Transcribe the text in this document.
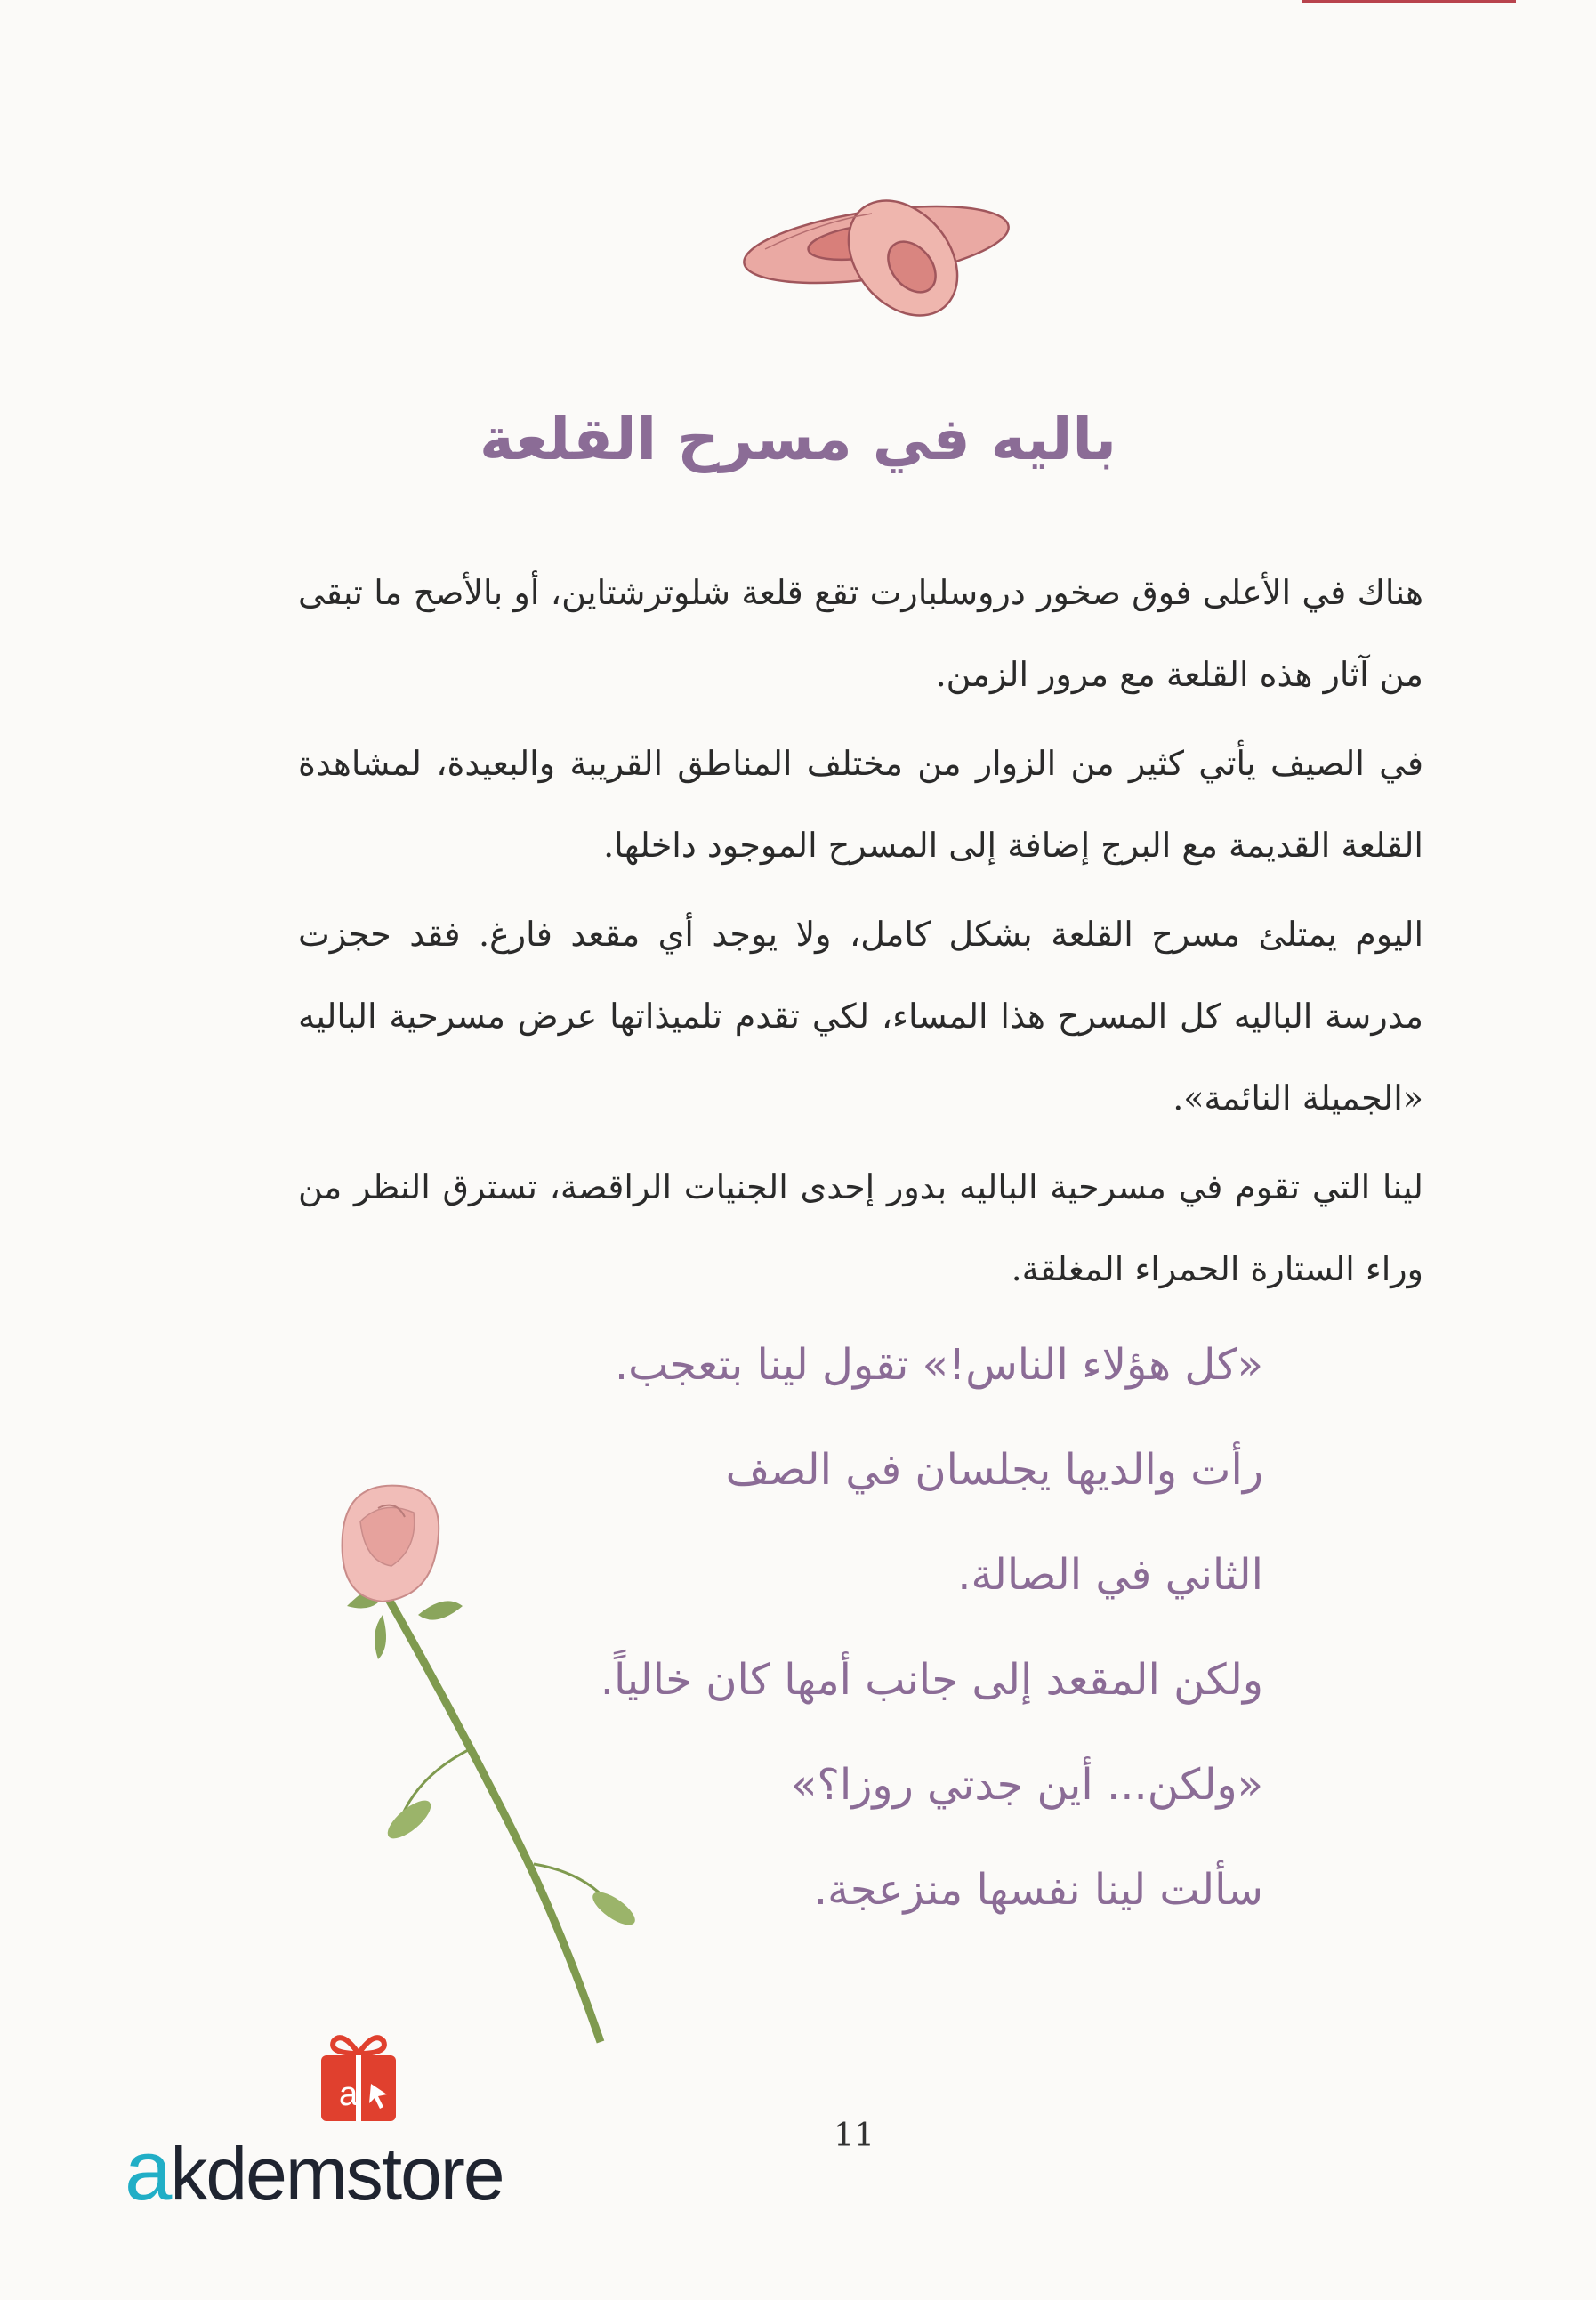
باليه في مسرح القلعة

هناك في الأعلى فوق صخور دروسلبارت تقع قلعة شلوترشتاين، أو بالأصح ما تبقى من آثار هذه القلعة مع مرور الزمن.

في الصيف يأتي كثير من الزوار من مختلف المناطق القريبة والبعيدة، لمشاهدة القلعة القديمة مع البرج إضافة إلى المسرح الموجود داخلها.

اليوم يمتلئ مسرح القلعة بشكل كامل، ولا يوجد أي مقعد فارغ. فقد حجزت مدرسة الباليه كل المسرح هذا المساء، لكي تقدم تلميذاتها عرض مسرحية الباليه «الجميلة النائمة».

لينا التي تقوم في مسرحية الباليه بدور إحدى الجنيات الراقصة، تسترق النظر من وراء الستارة الحمراء المغلقة.

«كل هؤلاء الناس!» تقول لينا بتعجب.
رأت والديها يجلسان في الصف
الثاني في الصالة.
ولكن المقعد إلى جانب أمها كان خالياً.
«ولكن... أين جدتي روزا؟»
سألت لينا نفسها منزعجة.
a
akdemstore	11
